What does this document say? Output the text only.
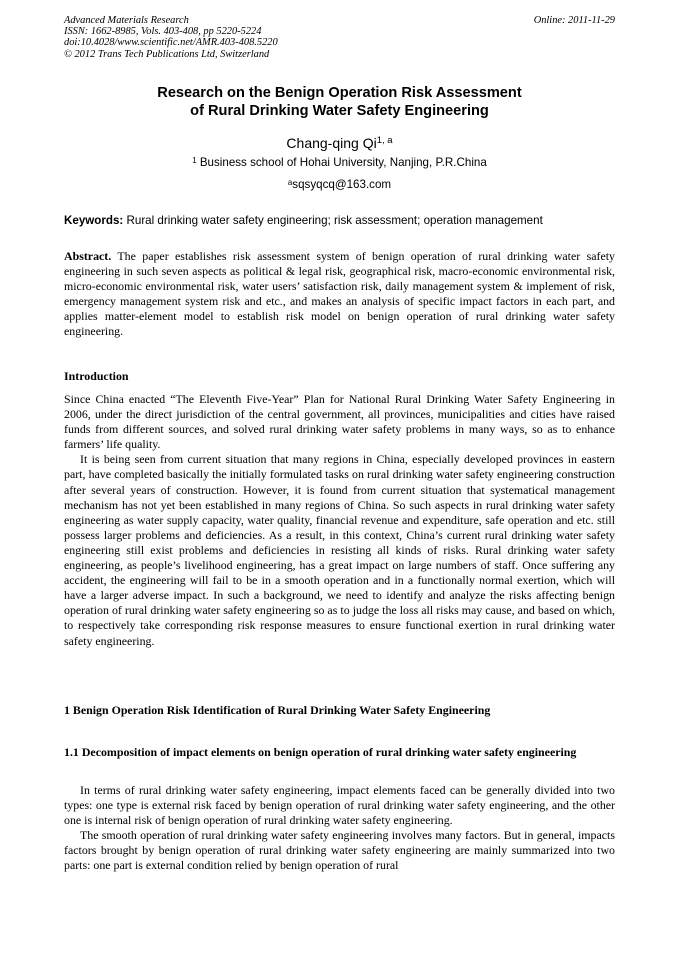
Advanced Materials Research
ISSN: 1662-8985, Vols. 403-408, pp 5220-5224
doi:10.4028/www.scientific.net/AMR.403-408.5220
© 2012 Trans Tech Publications Ltd, Switzerland
Online: 2011-11-29
Research on the Benign Operation Risk Assessment
of Rural Drinking Water Safety Engineering
Chang-qing Qi$^{1, a}$
$^1$ Business school of Hohai University, Nanjing, P.R.China
$^a$sqsyqcq@163.com
Keywords: Rural drinking water safety engineering; risk assessment; operation management

Abstract. The paper establishes risk assessment system of benign operation of rural drinking water safety engineering in such seven aspects as political & legal risk, geographical risk, macro-economic environmental risk, micro-economic environmental risk, water users’ satisfaction risk, daily management system & implement of risk, emergency management system risk and etc., and makes an analysis of specific impact factors in each part, and applies matter-element model to establish risk model on benign operation of rural drinking water safety engineering.

Introduction

Since China enacted “The Eleventh Five-Year” Plan for National Rural Drinking Water Safety Engineering in 2006, under the direct jurisdiction of the central government, all provinces, municipalities and cities have raised funds from different sources, and solved rural drinking water safety problems in many ways, so as to enhance farmers’ life quality.

It is being seen from current situation that many regions in China, especially developed provinces in eastern part, have completed basically the initially formulated tasks on rural drinking water safety engineering construction after several years of construction. However, it is found from current situation that systematical management mechanism has not yet been established in many regions of China. So such aspects in rural drinking water safety engineering as water supply capacity, water quality, financial revenue and expenditure, safe operation and etc. still possess larger problems and deficiencies. As a result, in this context, China’s current rural drinking water safety engineering still exist problems and deficiencies in resisting all kinds of risks. Rural drinking water safety engineering, as people’s livelihood engineering, has a great impact on large numbers of staff. Once suffering any accident, the engineering will fail to be in a smooth operation and in a functionally normal exertion, which will have a larger adverse impact. In such a background, we need to identify and analyze the risks affecting benign operation of rural drinking water safety engineering so as to judge the loss all risks may cause, and based on which, to respectively take corresponding risk response measures to ensure functional exertion in rural drinking water safety engineering.

1 Benign Operation Risk Identification of Rural Drinking Water Safety Engineering
1.1 Decomposition of impact elements on benign operation of rural drinking water safety engineering

In terms of rural drinking water safety engineering, impact elements faced can be generally divided into two types: one type is external risk faced by benign operation of rural drinking water safety engineering, and the other one is internal risk of benign operation of rural drinking water safety engineering.

The smooth operation of rural drinking water safety engineering involves many factors. But in general, impacts factors brought by benign operation of rural drinking water safety engineering are mainly summarized into two parts: one part is external condition relied by benign operation of rural
